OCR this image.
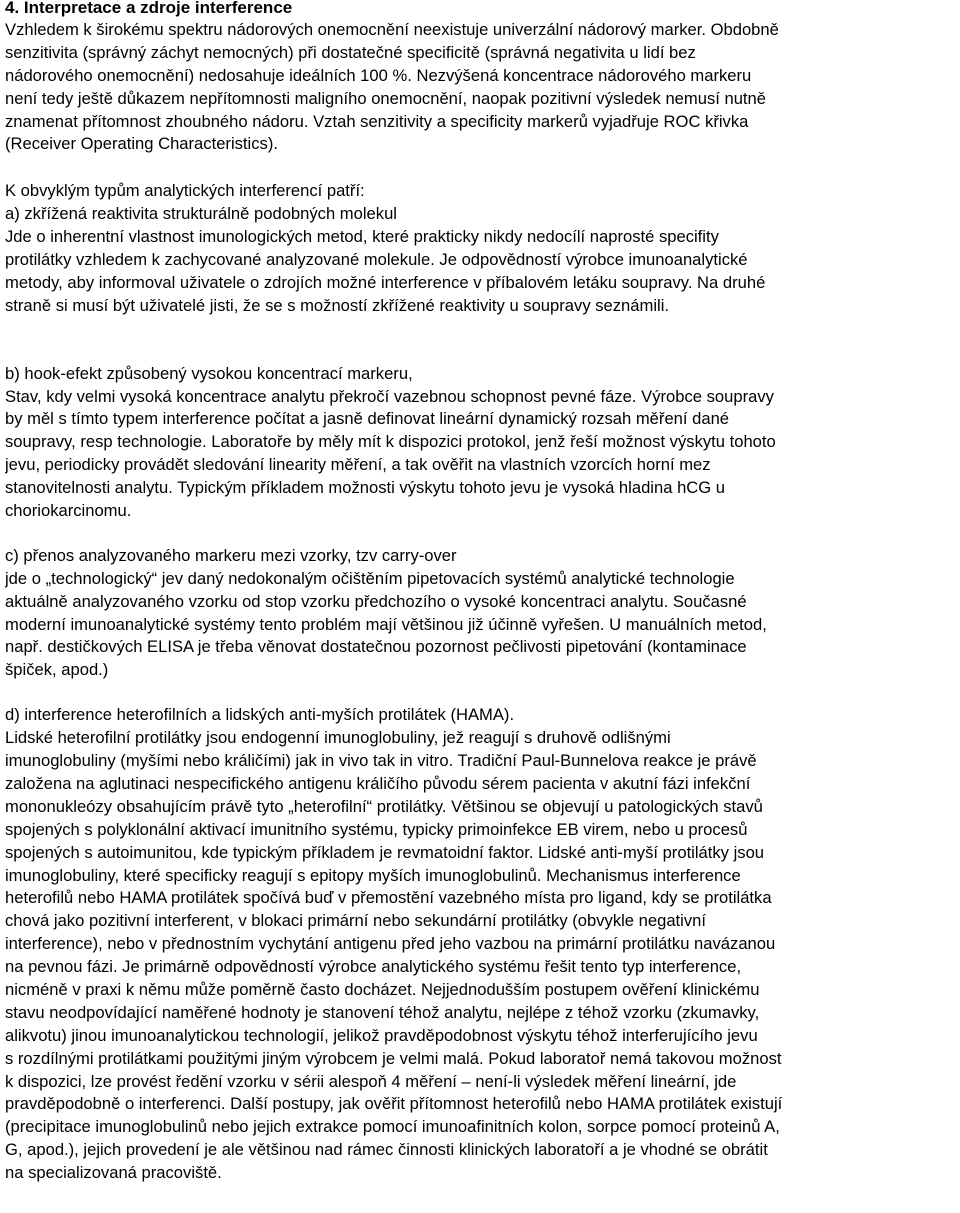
4. Interpretace a zdroje interference
Vzhledem k širokému spektru nádorových onemocnění neexistuje univerzální nádorový marker. Obdobně
senzitivita (správný záchyt nemocných) při dostatečné specificitě (správná negativita u lidí bez
nádorového onemocnění) nedosahuje ideálních 100 %. Nezvýšená koncentrace nádorového markeru
není tedy ještě důkazem nepřítomnosti maligního onemocnění, naopak pozitivní výsledek nemusí nutně
znamenat přítomnost zhoubného nádoru. Vztah senzitivity a specificity markerů vyjadřuje ROC křivka
(Receiver Operating Characteristics).
K obvyklým typům analytických interferencí patří:
a) zkřížená reaktivita strukturálně podobných molekul
Jde o inherentní vlastnost imunologických metod, které prakticky nikdy nedocílí naprosté specifity
protilátky vzhledem k zachycované analyzované molekule. Je odpovědností výrobce imunoanalytické
metody, aby informoval uživatele o zdrojích možné interference v příbalovém letáku soupravy. Na druhé
straně si musí být uživatelé jisti, že se s možností zkřížené reaktivity u soupravy seznámili.
b) hook-efekt způsobený vysokou koncentrací markeru,
Stav, kdy velmi vysoká koncentrace analytu překročí vazebnou schopnost pevné fáze. Výrobce soupravy
by měl s tímto typem interference počítat a jasně definovat lineární dynamický rozsah měření dané
soupravy, resp technologie. Laboratoře by měly mít k dispozici protokol, jenž řeší možnost výskytu tohoto
jevu, periodicky provádět sledování linearity měření, a tak ověřit na vlastních vzorcích horní mez
stanovitelnosti analytu. Typickým příkladem možnosti výskytu tohoto jevu je vysoká hladina hCG u
choriokarcinomu.
c) přenos analyzovaného markeru mezi vzorky, tzv carry-over
jde o „technologický“ jev daný nedokonalým očištěním pipetovacích systémů analytické technologie
aktuálně analyzovaného vzorku od stop vzorku předchozího o vysoké koncentraci analytu. Současné
moderní imunoanalytické systémy tento problém mají většinou již účinně vyřešen. U manuálních metod,
např. destičkových ELISA je třeba věnovat dostatečnou pozornost pečlivosti pipetování (kontaminace
špiček, apod.)
d) interference heterofilních a lidských anti-myších protilátek (HAMA).
Lidské heterofilní protilátky jsou endogenní imunoglobuliny, jež reagují s druhově odlišnými
imunoglobuliny (myšími nebo králičími) jak in vivo tak in vitro. Tradiční Paul-Bunnelova reakce je právě
založena na aglutinaci nespecifického antigenu králičího původu sérem pacienta v akutní fázi infekční
mononukleózy obsahujícím právě tyto „heterofilní“ protilátky. Většinou se objevují u patologických stavů
spojených s polyklonální aktivací imunitního systému, typicky primoinfekce EB virem, nebo u procesů
spojených s autoimunitou, kde typickým příkladem je revmatoidní faktor. Lidské anti-myší protilátky jsou
imunoglobuliny, které specificky reagují s epitopy myších imunoglobulinů. Mechanismus interference
heterofilů nebo HAMA protilátek spočívá buď v přemostění vazebného místa pro ligand, kdy se protilátka
chová jako pozitivní interferent, v blokaci primární nebo sekundární protilátky (obvykle negativní
interference), nebo v přednostním vychytání antigenu před jeho vazbou na primární protilátku navázanou
na pevnou fázi. Je primárně odpovědností výrobce analytického systému řešit tento typ interference,
nicméně v praxi k němu může poměrně často docházet. Nejjednodušším postupem ověření klinickému
stavu neodpovídající naměřené hodnoty je stanovení téhož analytu, nejlépe z téhož vzorku (zkumavky,
alikvotu) jinou imunoanalytickou technologií, jelikož pravděpodobnost výskytu téhož interferujícího jevu
s rozdílnými protilátkami použitými jiným výrobcem je velmi malá. Pokud laboratoř nemá takovou možnost
k dispozici, lze provést ředění vzorku v sérii alespoň 4 měření – není-li výsledek měření lineární, jde
pravděpodobně o interferenci. Další postupy, jak ověřit přítomnost heterofilů nebo HAMA protilátek existují
(precipitace imunoglobulinů nebo jejich extrakce pomocí imunoafinitních kolon, sorpce pomocí proteinů A,
G, apod.), jejich provedení je ale většinou nad rámec činnosti klinických laboratoří a je vhodné se obrátit
na specializovaná pracoviště.
